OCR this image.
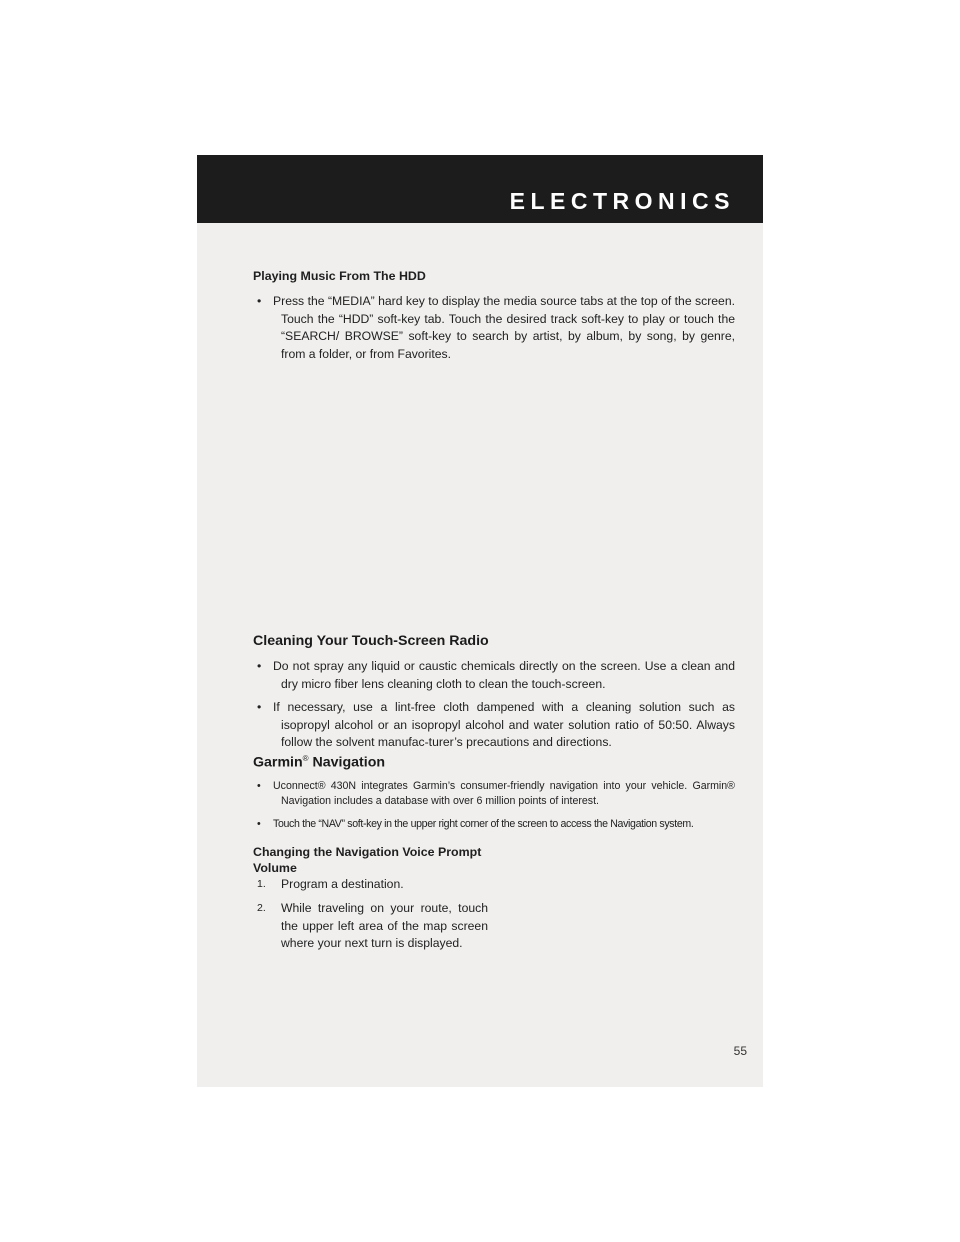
ELECTRONICS
Playing Music From The HDD
• Press the “MEDIA” hard key to display the media source tabs at the top of the screen. Touch the “HDD” soft-key tab. Touch the desired track soft-key to play or touch the “SEARCH/ BROWSE” soft-key to search by artist, by album, by song, by genre, from a folder, or from Favorites.
Cleaning Your Touch-Screen Radio
• Do not spray any liquid or caustic chemicals directly on the screen. Use a clean and dry micro fiber lens cleaning cloth to clean the touch-screen.
• If necessary, use a lint-free cloth dampened with a cleaning solution such as isopropyl alcohol or an isopropyl alcohol and water solution ratio of 50:50. Always follow the solvent manufac-turer’s precautions and directions.
Garmin® Navigation
•	Uconnect® 430N integrates Garmin’s consumer-friendly navigation into your vehicle. Garmin® Navigation includes a database with over 6 million points of interest.
•	Touch the “NAV” soft-key in the upper right corner of the screen to access the Navigation system.
Changing the Navigation Voice Prompt
Volume
1.	Program a destination.
2.	While traveling on your route, touch the upper left area of the map screen where your next turn is displayed.
55
